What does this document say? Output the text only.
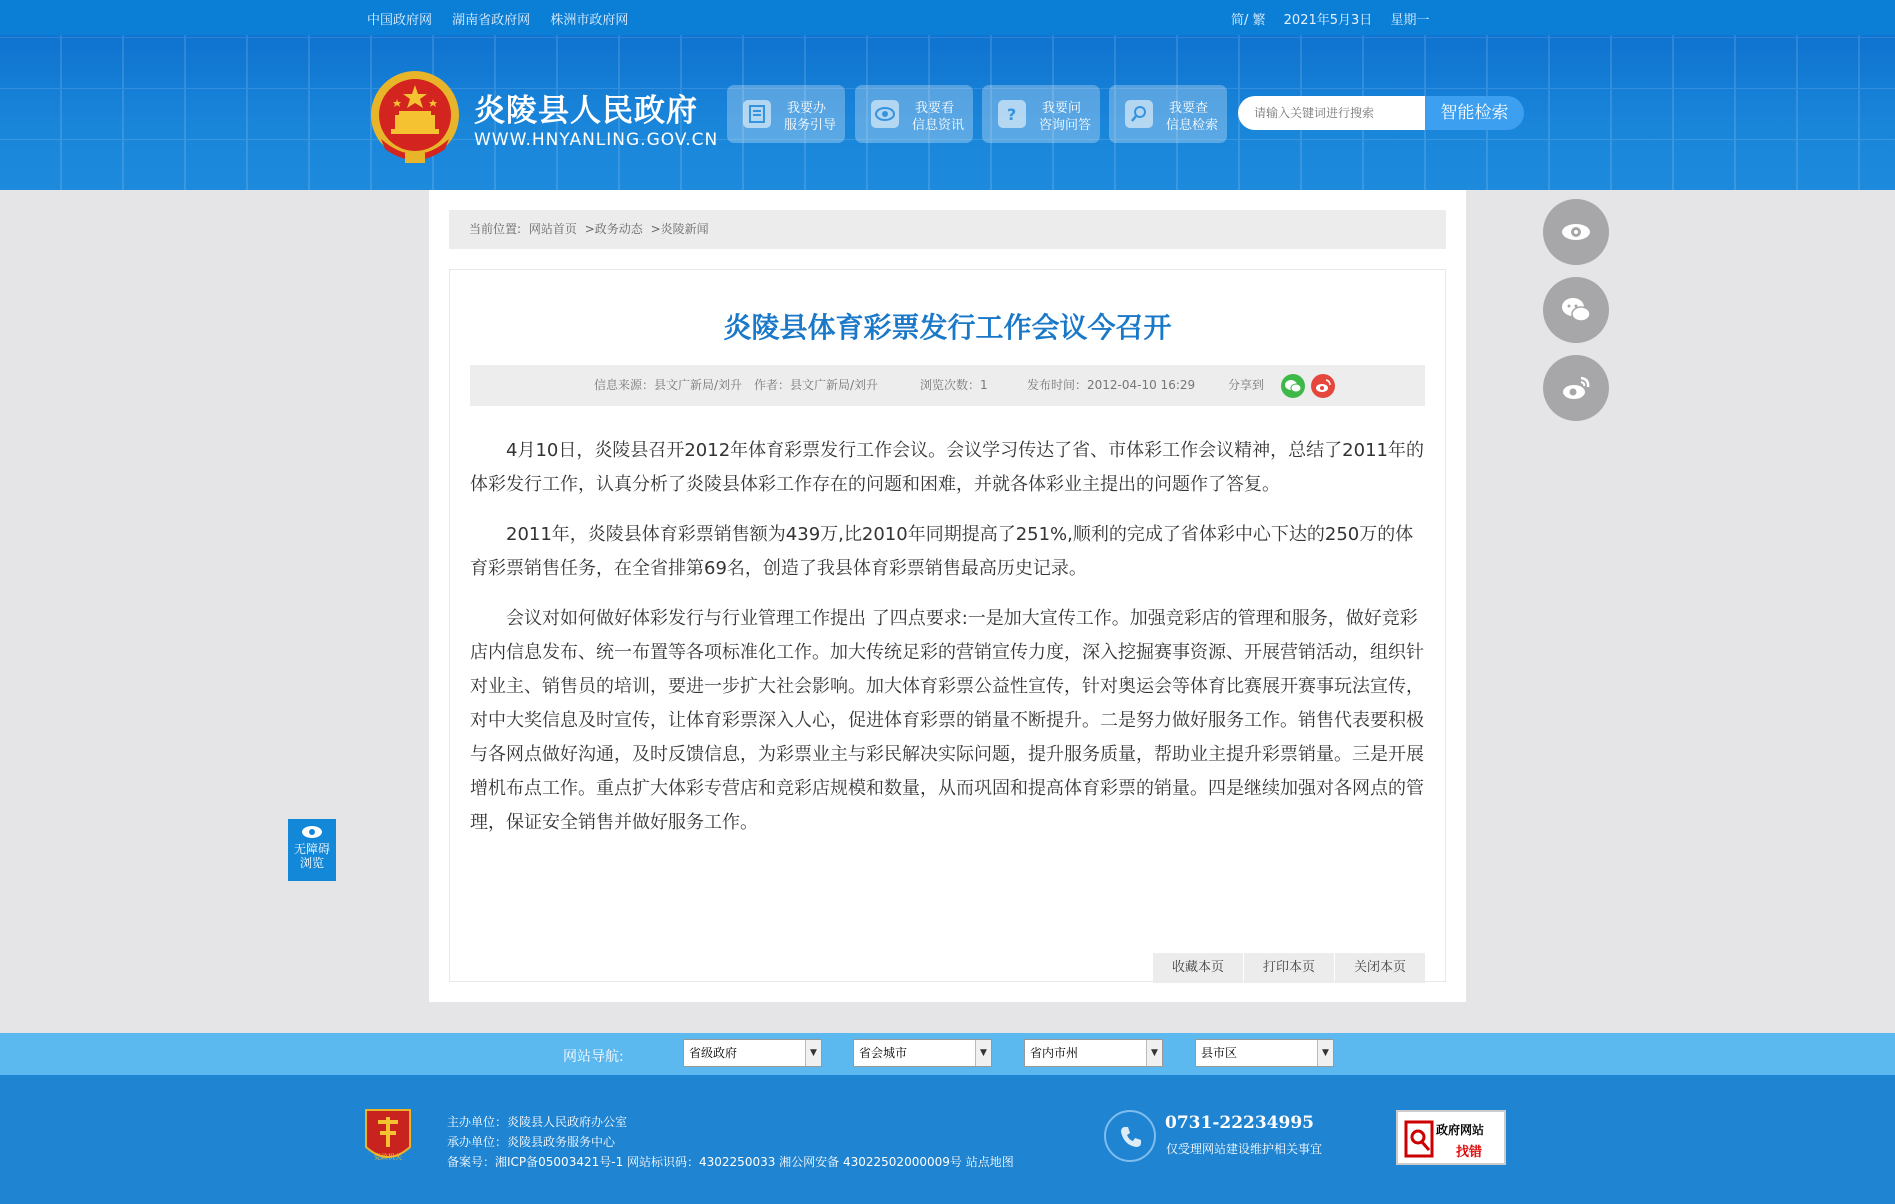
中国政府网 湖南省政府网 株洲市政府网	简/ 繁 2021年5月3日 星期一
炎陵县人民政府
WWW.HNYANLING.GOV.CN
我要办
服务引导
我要看
信息资讯
? 我要问
咨询问答
我要查
信息检索
请输入关键词进行搜索
智能检索
当前位置: 网站首页 >政务动态 >炎陵新闻
炎陵县体育彩票发行工作会议今召开
信息来源：县文广新局/刘升 作者：县文广新局/刘升	浏览次数：1	发布时间：2012-04-10 16:29	分享到

4月10日，炎陵县召开2012年体育彩票发行工作会议。会议学习传达了省、市体彩工作会议精神，总结了2011年的体彩发行工作，认真分析了炎陵县体彩工作存在的问题和困难，并就各体彩业主提出的问题作了答复。

2011年，炎陵县体育彩票销售额为439万,比2010年同期提高了251%,顺利的完成了省体彩中心下达的250万的体育彩票销售任务，在全省排第69名，创造了我县体育彩票销售最高历史记录。

会议对如何做好体彩发行与行业管理工作提出 了四点要求:一是加大宣传工作。加强竞彩店的管理和服务，做好竞彩店内信息发布、统一布置等各项标准化工作。加大传统足彩的营销宣传力度，深入挖掘赛事资源、开展营销活动，组织针对业主、销售员的培训，要进一步扩大社会影响。加大体育彩票公益性宣传，针对奥运会等体育比赛展开赛事玩法宣传，对中大奖信息及时宣传，让体育彩票深入人心，促进体育彩票的销量不断提升。二是努力做好服务工作。销售代表要积极与各网点做好沟通，及时反馈信息，为彩票业主与彩民解决实际问题，提升服务质量，帮助业主提升彩票销量。三是开展增机布点工作。重点扩大体彩专营店和竞彩店规模和数量，从而巩固和提高体育彩票的销量。四是继续加强对各网点的管理，保证安全销售并做好服务工作。

收藏本页	打印本页	关闭本页
无障碍
浏览
网站导航:	省级政府	▼	省会城市	▼	省内市州	▼	县市区	▼
党政机关
主办单位：炎陵县人民政府办公室
承办单位：炎陵县政务服务中心
备案号：湘ICP备05003421号-1 网站标识码：4302250033 湘公网安备 43022502000009号 站点地图
0731-22234995
仅受理网站建设维护相关事宜
政府网站
找错
